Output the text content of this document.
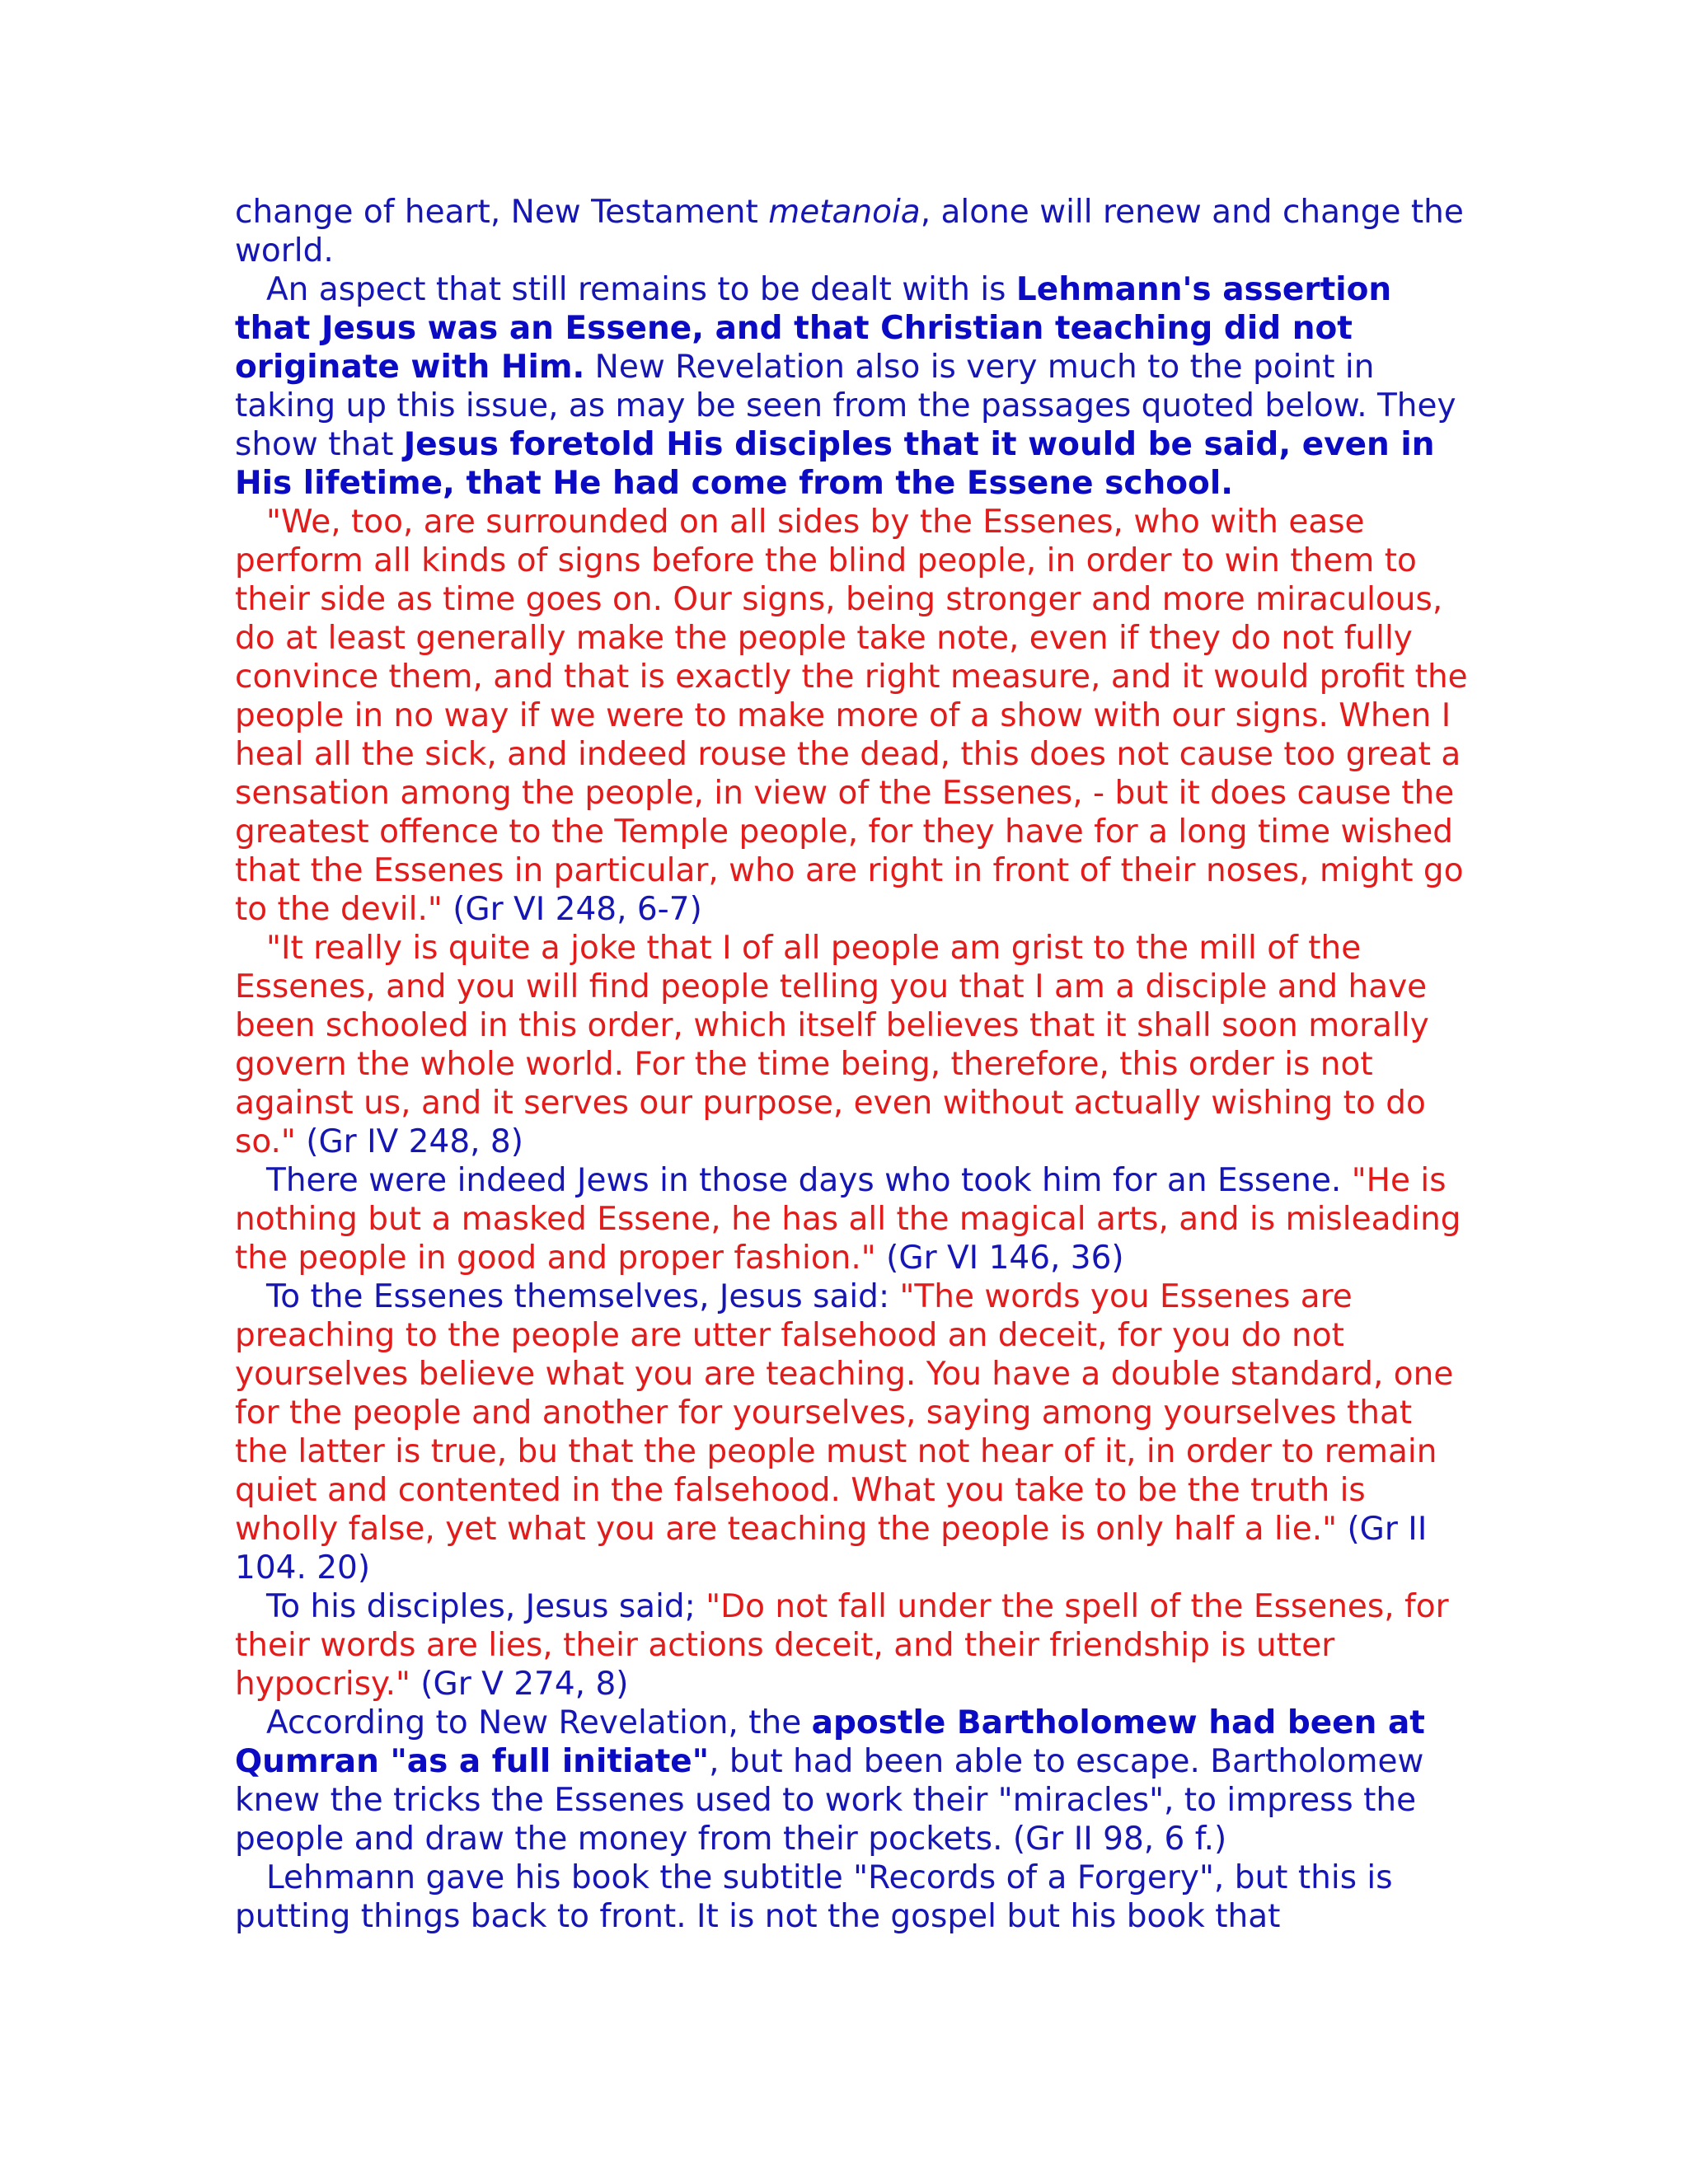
change of heart, New Testament metanoia, alone will renew and change the world.

An aspect that still remains to be dealt with is Lehmann's assertion that Jesus was an Essene, and that Christian teaching did not originate with Him. New Revelation also is very much to the point in taking up this issue, as may be seen from the passages quoted below. They show that Jesus foretold His disciples that it would be said, even in His lifetime, that He had come from the Essene school.

"We, too, are surrounded on all sides by the Essenes, who with ease perform all kinds of signs before the blind people, in order to win them to their side as time goes on. Our signs, being stronger and more miraculous, do at least generally make the people take note, even if they do not fully convince them, and that is exactly the right measure, and it would profit the people in no way if we were to make more of a show with our signs. When I heal all the sick, and indeed rouse the dead, this does not cause too great a sensation among the people, in view of the Essenes, - but it does cause the greatest offence to the Temple people, for they have for a long time wished that the Essenes in particular, who are right in front of their noses, might go to the devil." (Gr VI 248, 6-7)

"It really is quite a joke that I of all people am grist to the mill of the Essenes, and you will find people telling you that I am a disciple and have been schooled in this order, which itself believes that it shall soon morally govern the whole world. For the time being, therefore, this order is not against us, and it serves our purpose, even without actually wishing to do so." (Gr IV 248, 8)

There were indeed Jews in those days who took him for an Essene. "He is nothing but a masked Essene, he has all the magical arts, and is misleading the people in good and proper fashion." (Gr VI 146, 36)

To the Essenes themselves, Jesus said: "The words you Essenes are preaching to the people are utter falsehood an deceit, for you do not yourselves believe what you are teaching. You have a double standard, one for the people and another for yourselves, saying among yourselves that the latter is true, bu that the people must not hear of it, in order to remain quiet and contented in the falsehood. What you take to be the truth is wholly false, yet what you are teaching the people is only half a lie." (Gr II 104. 20)

To his disciples, Jesus said; "Do not fall under the spell of the Essenes, for their words are lies, their actions deceit, and their friendship is utter hypocrisy." (Gr V 274, 8)

According to New Revelation, the apostle Bartholomew had been at Qumran "as a full initiate", but had been able to escape. Bartholomew knew the tricks the Essenes used to work their "miracles", to impress the people and draw the money from their pockets. (Gr II 98, 6 f.)

Lehmann gave his book the subtitle "Records of a Forgery", but this is putting things back to front. It is not the gospel but his book that
